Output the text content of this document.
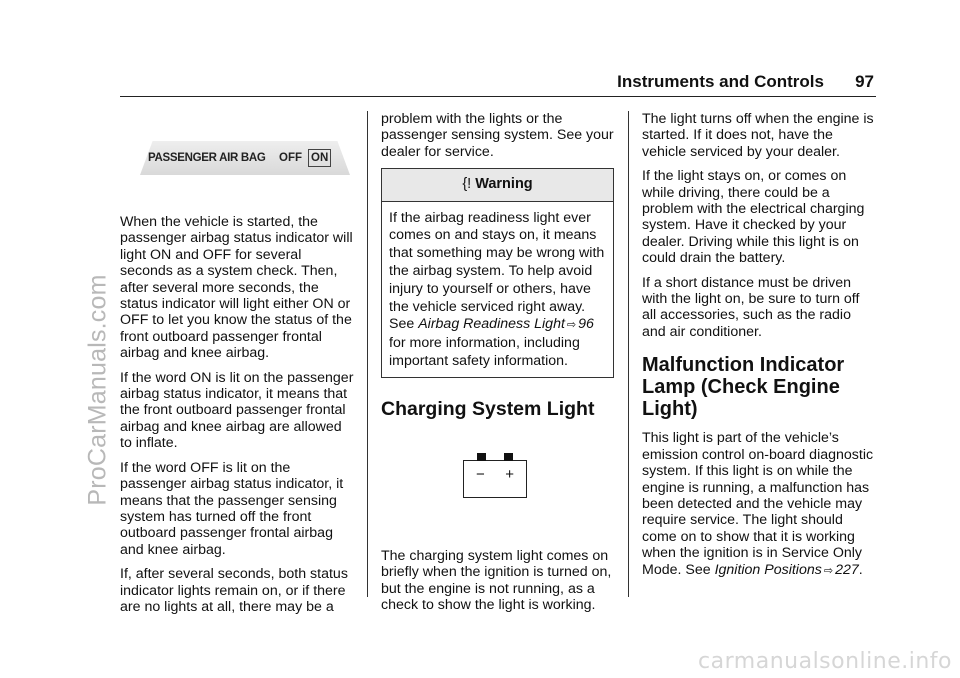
ProCarManuals.com
carmanualsonline.info
Instruments and Controls 97
PASSENGER AIR BAG OFF ON

When the vehicle is started, the passenger airbag status indicator will light ON and OFF for several seconds as a system check. Then, after several more seconds, the status indicator will light either ON or OFF to let you know the status of the front outboard passenger frontal airbag and knee airbag.

If the word ON is lit on the passenger airbag status indicator, it means that the front outboard passenger frontal airbag and knee airbag are allowed to inflate.

If the word OFF is lit on the passenger airbag status indicator, it means that the passenger sensing system has turned off the front outboard passenger frontal airbag and knee airbag.

If, after several seconds, both status indicator lights remain on, or if there are no lights at all, there may be a

problem with the lights or the passenger sensing system. See your dealer for service.

{! Warning

If the airbag readiness light ever comes on and stays on, it means that something may be wrong with the airbag system. To help avoid injury to yourself or others, have the vehicle serviced right away. See Airbag Readiness Light ⇨ 96 for more information, including important safety information.

Charging System Light
− +

The charging system light comes on briefly when the ignition is turned on, but the engine is not running, as a check to show the light is working.

The light turns off when the engine is started. If it does not, have the vehicle serviced by your dealer.

If the light stays on, or comes on while driving, there could be a problem with the electrical charging system. Have it checked by your dealer. Driving while this light is on could drain the battery.

If a short distance must be driven with the light on, be sure to turn off all accessories, such as the radio and air conditioner.

Malfunction Indicator Lamp (Check Engine Light)

This light is part of the vehicle’s emission control on-board diagnostic system. If this light is on while the engine is running, a malfunction has been detected and the vehicle may require service. The light should come on to show that it is working when the ignition is in Service Only Mode. See Ignition Positions ⇨ 227.
